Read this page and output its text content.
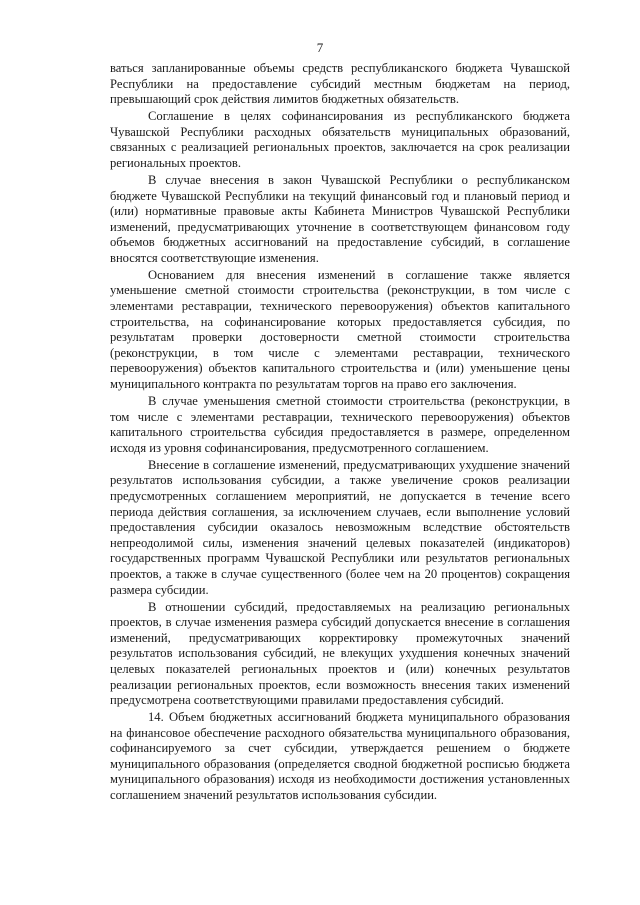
7

ваться запланированные объемы средств республиканского бюджета Чувашской Республики на предоставление субсидий местным бюджетам на период, превышающий срок действия лимитов бюджетных обязательств.

Соглашение в целях софинансирования из республиканского бюджета Чувашской Республики расходных обязательств муниципальных образований, связанных с реализацией региональных проектов, заключается на срок реализации региональных проектов.

В случае внесения в закон Чувашской Республики о республиканском бюджете Чувашской Республики на текущий финансовый год и плановый период и (или) нормативные правовые акты Кабинета Министров Чувашской Республики изменений, предусматривающих уточнение в соответствующем финансовом году объемов бюджетных ассигнований на предоставление субсидий, в соглашение вносятся соответствующие изменения.

Основанием для внесения изменений в соглашение также является уменьшение сметной стоимости строительства (реконструкции, в том числе с элементами реставрации, технического перевооружения) объектов капитального строительства, на софинансирование которых предоставляется субсидия, по результатам проверки достоверности сметной стоимости строительства (реконструкции, в том числе с элементами реставрации, технического перевооружения) объектов капитального строительства и (или) уменьшение цены муниципального контракта по результатам торгов на право его заключения.

В случае уменьшения сметной стоимости строительства (реконструкции, в том числе с элементами реставрации, технического перевооружения) объектов капитального строительства субсидия предоставляется в размере, определенном исходя из уровня софинансирования, предусмотренного соглашением.

Внесение в соглашение изменений, предусматривающих ухудшение значений результатов использования субсидии, а также увеличение сроков реализации предусмотренных соглашением мероприятий, не допускается в течение всего периода действия соглашения, за исключением случаев, если выполнение условий предоставления субсидии оказалось невозможным вследствие обстоятельств непреодолимой силы, изменения значений целевых показателей (индикаторов) государственных программ Чувашской Республики или результатов региональных проектов, а также в случае существенного (более чем на 20 процентов) сокращения размера субсидии.

В отношении субсидий, предоставляемых на реализацию региональных проектов, в случае изменения размера субсидий допускается внесение в соглашения изменений, предусматривающих корректировку промежуточных значений результатов использования субсидий, не влекущих ухудшения конечных значений целевых показателей региональных проектов и (или) конечных результатов реализации региональных проектов, если возможность внесения таких изменений предусмотрена соответствующими правилами предоставления субсидий.

14. Объем бюджетных ассигнований бюджета муниципального образования на финансовое обеспечение расходного обязательства муниципального образования, софинансируемого за счет субсидии, утверждается решением о бюджете муниципального образования (определяется сводной бюджетной росписью бюджета муниципального образования) исходя из необходимости достижения установленных соглашением значений результатов использования субсидии.
